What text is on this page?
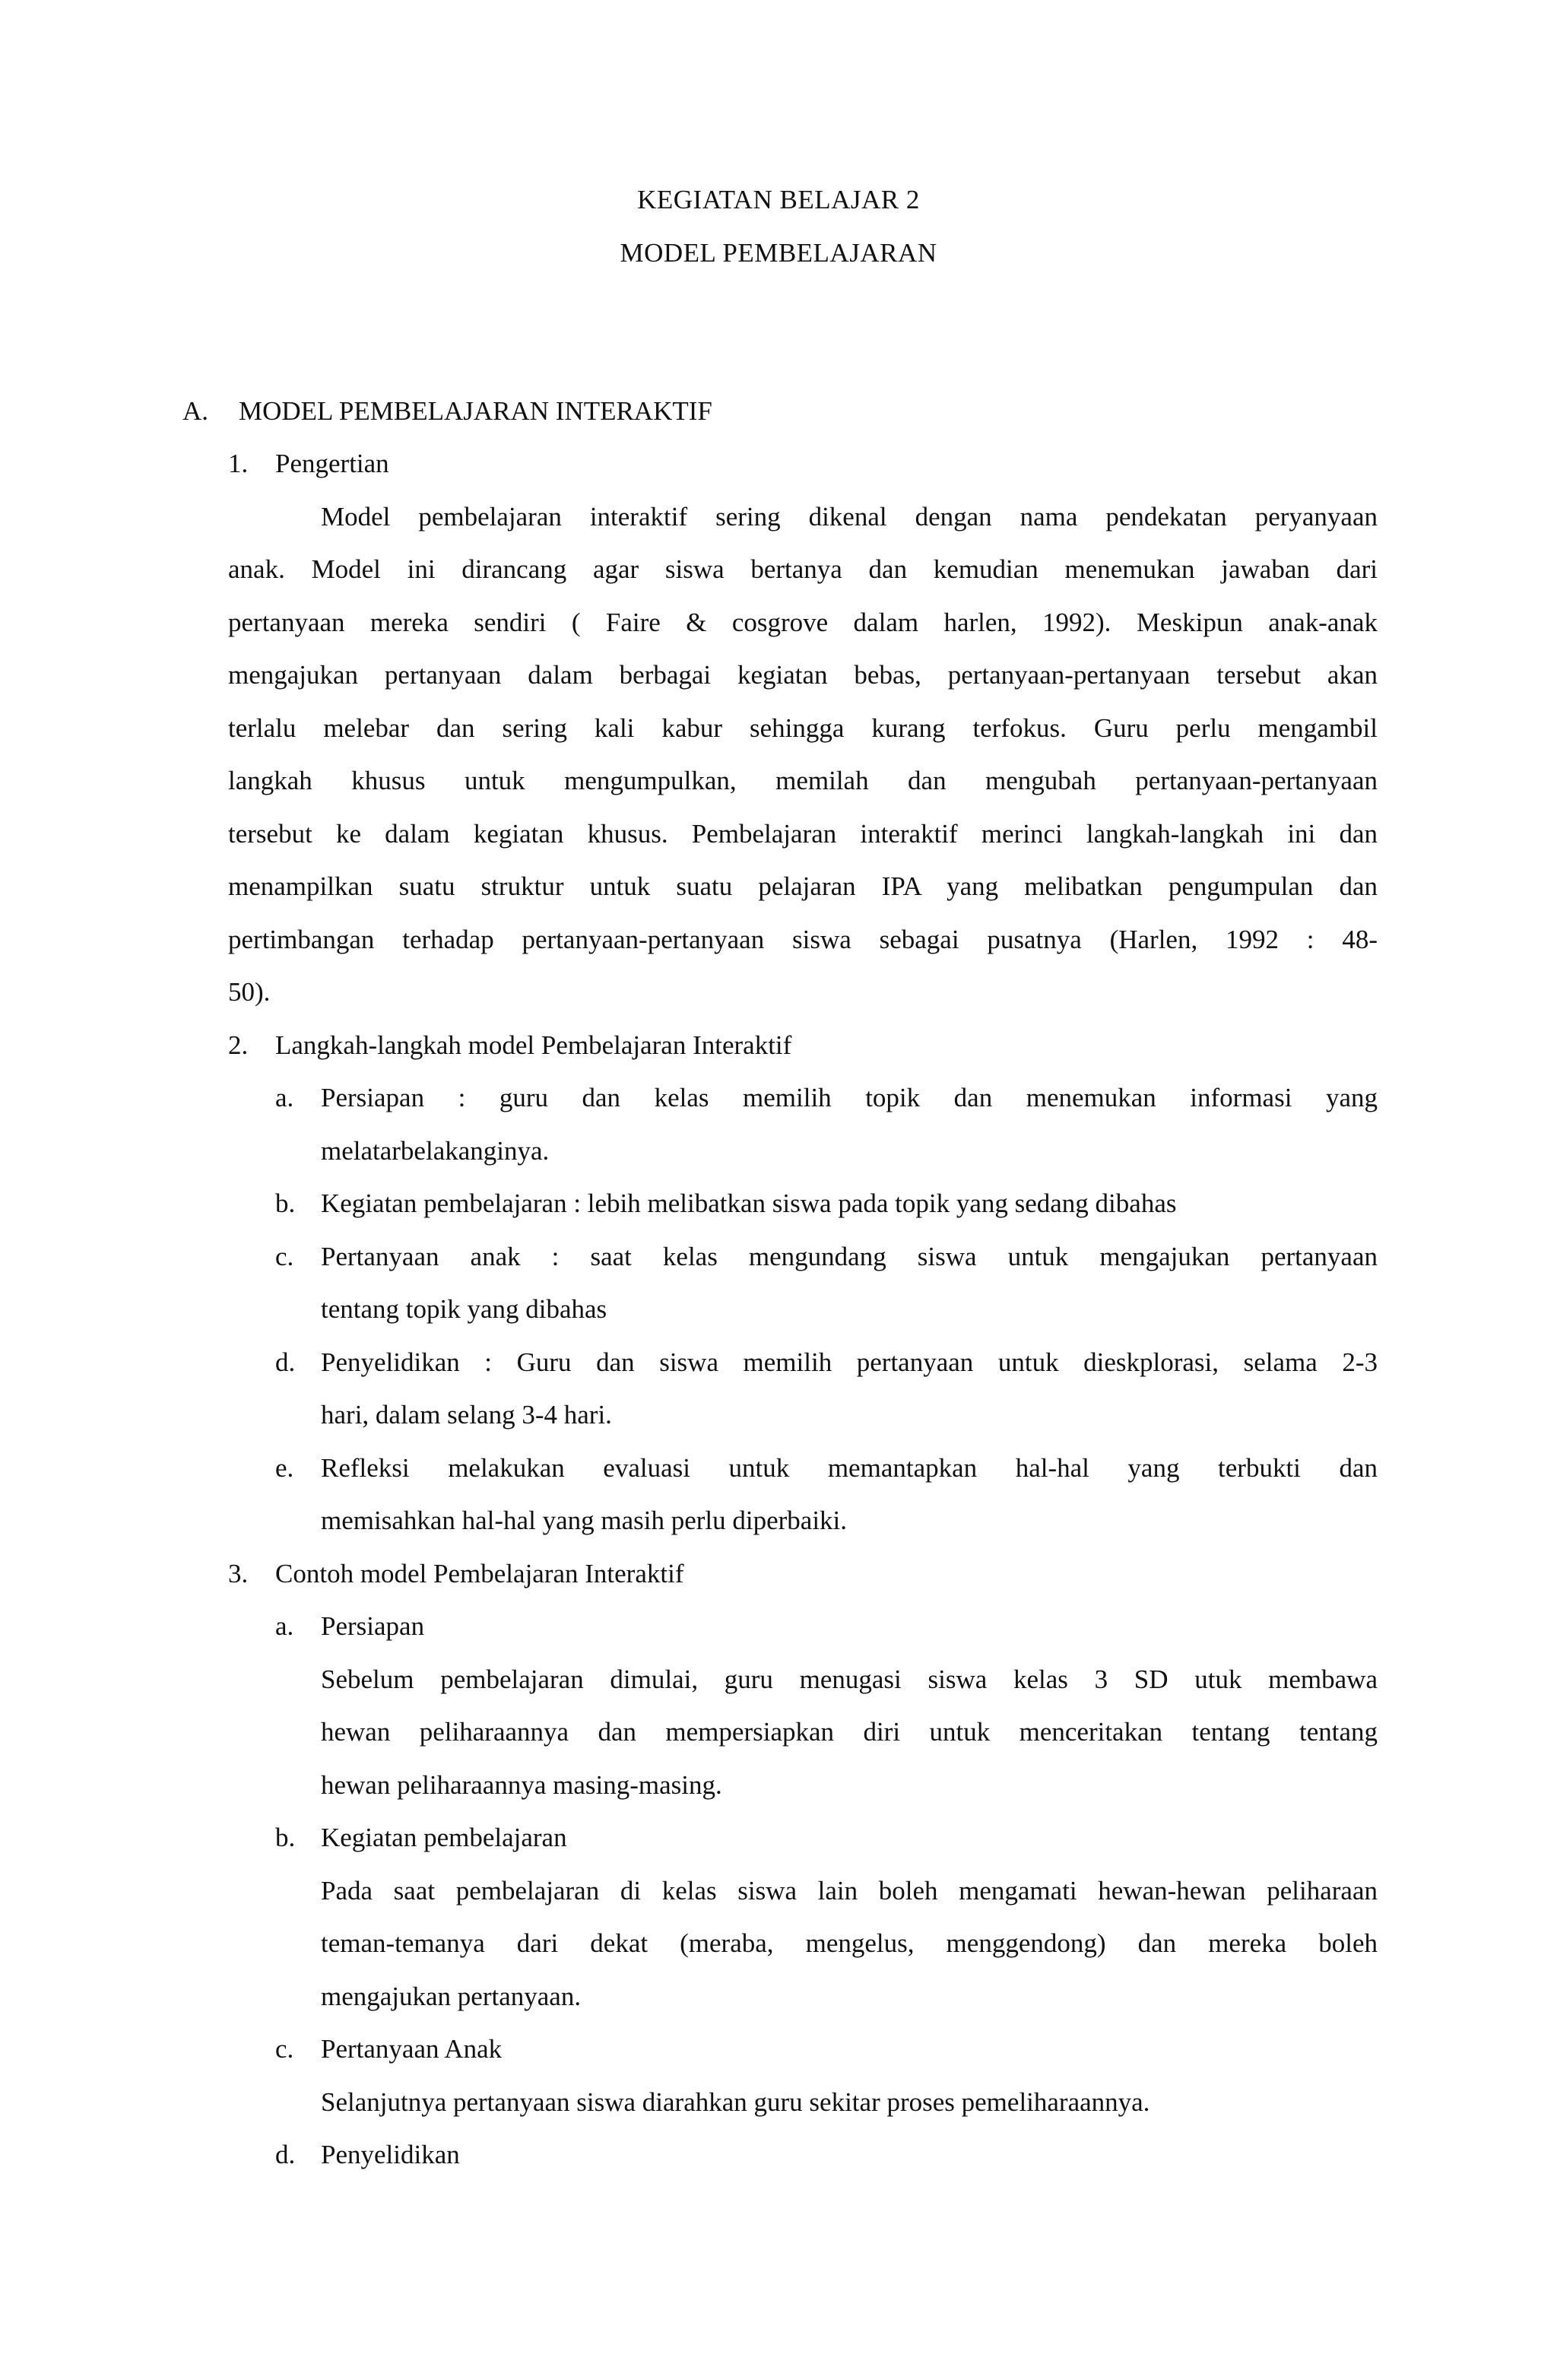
KEGIATAN BELAJAR 2
MODEL PEMBELAJARAN
A. MODEL PEMBELAJARAN INTERAKTIF
1. Pengertian
Model pembelajaran interaktif sering dikenal dengan nama pendekatan peryanyaan
anak. Model ini dirancang agar siswa bertanya dan kemudian menemukan jawaban dari
pertanyaan mereka sendiri ( Faire & cosgrove dalam harlen, 1992). Meskipun anak-anak
mengajukan pertanyaan dalam berbagai kegiatan bebas, pertanyaan-pertanyaan tersebut akan
terlalu melebar dan sering kali kabur sehingga kurang terfokus. Guru perlu mengambil
langkah khusus untuk mengumpulkan, memilah dan mengubah pertanyaan-pertanyaan
tersebut ke dalam kegiatan khusus. Pembelajaran interaktif merinci langkah-langkah ini dan
menampilkan suatu struktur untuk suatu pelajaran IPA yang melibatkan pengumpulan dan
pertimbangan terhadap pertanyaan-pertanyaan siswa sebagai pusatnya (Harlen, 1992 : 48-
50).
2. Langkah-langkah model Pembelajaran Interaktif
a. Persiapan : guru dan kelas memilih topik dan menemukan informasi yang
melatarbelakanginya.
b. Kegiatan pembelajaran : lebih melibatkan siswa pada topik yang sedang dibahas
c. Pertanyaan anak : saat kelas mengundang siswa untuk mengajukan pertanyaan
tentang topik yang dibahas
d. Penyelidikan : Guru dan siswa memilih pertanyaan untuk dieskplorasi, selama 2-3
hari, dalam selang 3-4 hari.
e. Refleksi melakukan evaluasi untuk memantapkan hal-hal yang terbukti dan
memisahkan hal-hal yang masih perlu diperbaiki.
3. Contoh model Pembelajaran Interaktif
a. Persiapan
Sebelum pembelajaran dimulai, guru menugasi siswa kelas 3 SD utuk membawa
hewan peliharaannya dan mempersiapkan diri untuk menceritakan tentang tentang
hewan peliharaannya masing-masing.
b. Kegiatan pembelajaran
Pada saat pembelajaran di kelas siswa lain boleh mengamati hewan-hewan peliharaan
teman-temanya dari dekat (meraba, mengelus, menggendong) dan mereka boleh
mengajukan pertanyaan.
c. Pertanyaan Anak
Selanjutnya pertanyaan siswa diarahkan guru sekitar proses pemeliharaannya.
d. Penyelidikan
